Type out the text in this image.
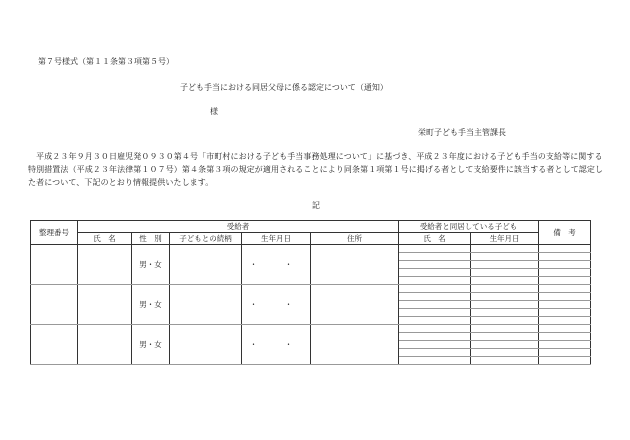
第７号様式（第１１条第３項第５号）
子ども手当における同居父母に係る認定について（通知）
様
栄町子ども手当主管課長
　平成２３年９月３０日雇児発０９３０第４号「市町村における子ども手当事務処理について」に基づき、平成２３年度における子ども手当の支給等に関する特別措置法（平成２３年法律第１０７号）第４条第３項の規定が適用されることにより同条第１項第１号に掲げる者として支給要件に該当する者として認定した者について、下記のとおり情報提供いたします。
記
整理番号	受給者					受給者と同居している子ども		備　考
	氏　名	性　別	子どもとの続柄	生年月日	住所	氏　名	生年月日	
		男・女		・　・				

		男・女		・　・				

		男・女		・　・				
